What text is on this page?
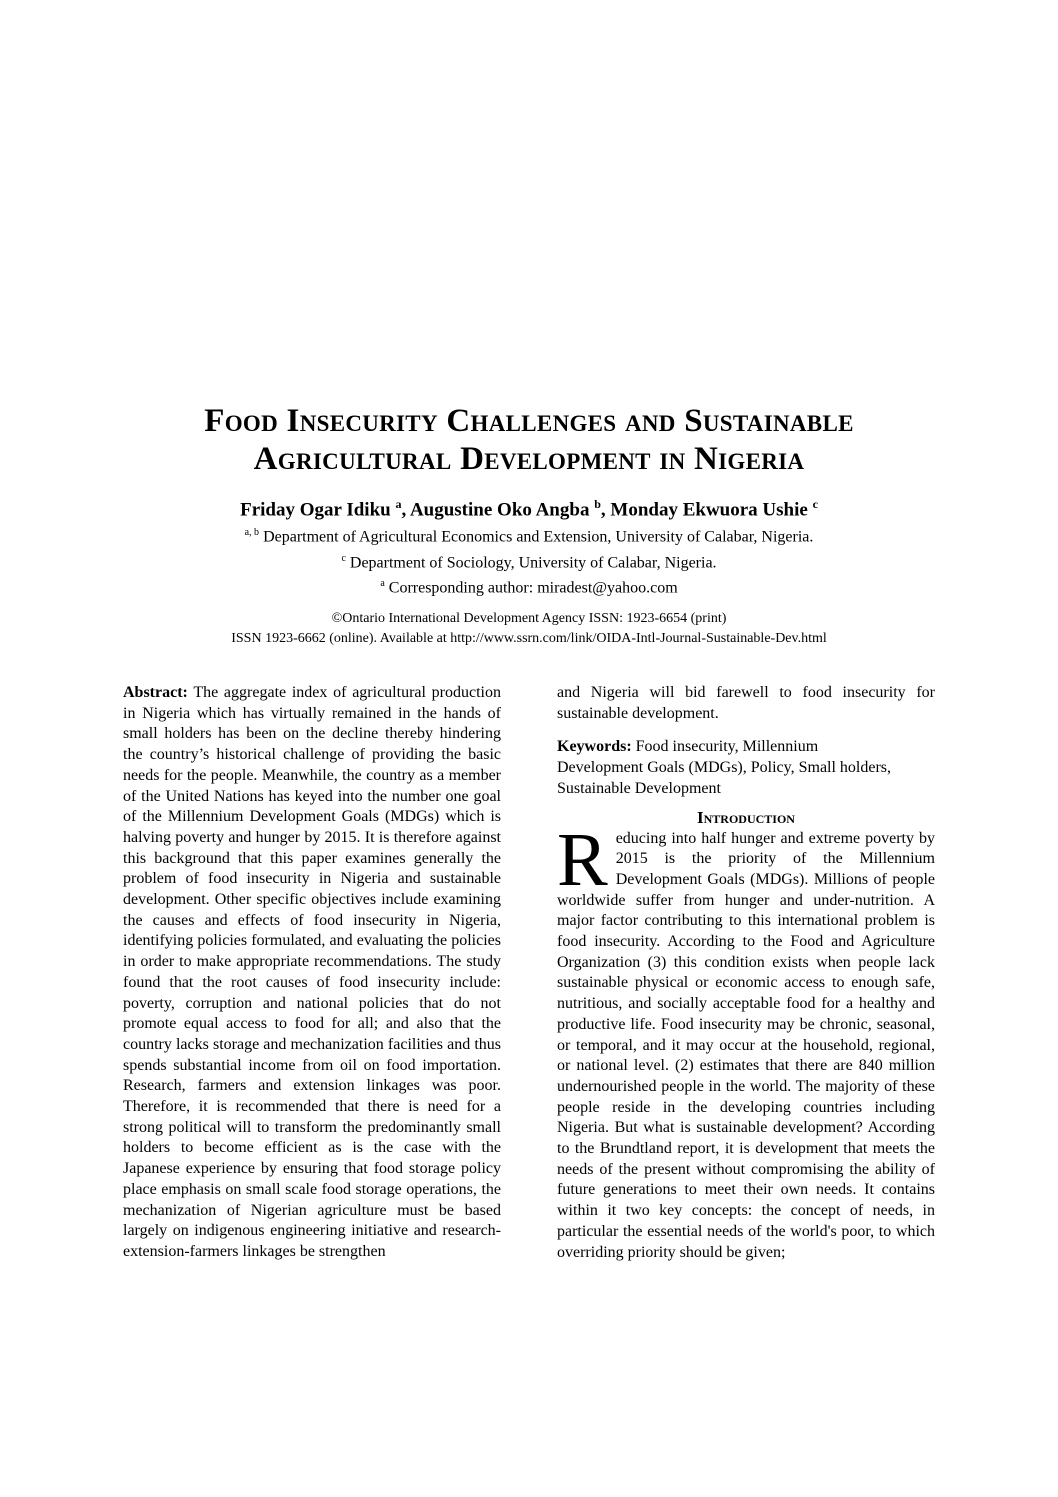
Food Insecurity Challenges and Sustainable
Agricultural Development in Nigeria
Friday Ogar Idiku $^a$, Augustine Oko Angba $^b$, Monday Ekwuora Ushie $^c$
$^{a, b}$ Department of Agricultural Economics and Extension, University of Calabar, Nigeria.
$^c$ Department of Sociology, University of Calabar, Nigeria.
$^a$ Corresponding author: miradest@yahoo.com
©Ontario International Development Agency ISSN: 1923-6654 (print)
ISSN 1923-6662 (online). Available at http://www.ssrn.com/link/OIDA-Intl-Journal-Sustainable-Dev.html

Abstract: The aggregate index of agricultural production in Nigeria which has virtually remained in the hands of small holders has been on the decline thereby hindering the country’s historical challenge of providing the basic needs for the people. Meanwhile, the country as a member of the United Nations has keyed into the number one goal of the Millennium Development Goals (MDGs) which is halving poverty and hunger by 2015. It is therefore against this background that this paper examines generally the problem of food insecurity in Nigeria and sustainable development. Other specific objectives include examining the causes and effects of food insecurity in Nigeria, identifying policies formulated, and evaluating the policies in order to make appropriate recommendations. The study found that the root causes of food insecurity include: poverty, corruption and national policies that do not promote equal access to food for all; and also that the country lacks storage and mechanization facilities and thus spends substantial income from oil on food importation. Research, farmers and extension linkages was poor. Therefore, it is recommended that there is need for a strong political will to transform the predominantly small holders to become efficient as is the case with the Japanese experience by ensuring that food storage policy place emphasis on small scale food storage operations, the mechanization of Nigerian agriculture must be based largely on indigenous engineering initiative and research-extension-farmers linkages be strengthen

and Nigeria will bid farewell to food insecurity for sustainable development.

Keywords: Food insecurity, Millennium
Development Goals (MDGs), Policy, Small holders,
Sustainable Development
Introduction

Reducing into half hunger and extreme poverty by 2015 is the priority of the Millennium Development Goals (MDGs). Millions of people worldwide suffer from hunger and under-nutrition. A major factor contributing to this international problem is food insecurity. According to the Food and Agriculture Organization (3) this condition exists when people lack sustainable physical or economic access to enough safe, nutritious, and socially acceptable food for a healthy and productive life. Food insecurity may be chronic, seasonal, or temporal, and it may occur at the household, regional, or national level. (2) estimates that there are 840 million undernourished people in the world. The majority of these people reside in the developing countries including Nigeria. But what is sustainable development? According to the Brundtland report, it is development that meets the needs of the present without compromising the ability of future generations to meet their own needs. It contains within it two key concepts: the concept of needs, in particular the essential needs of the world's poor, to which overriding priority should be given;
